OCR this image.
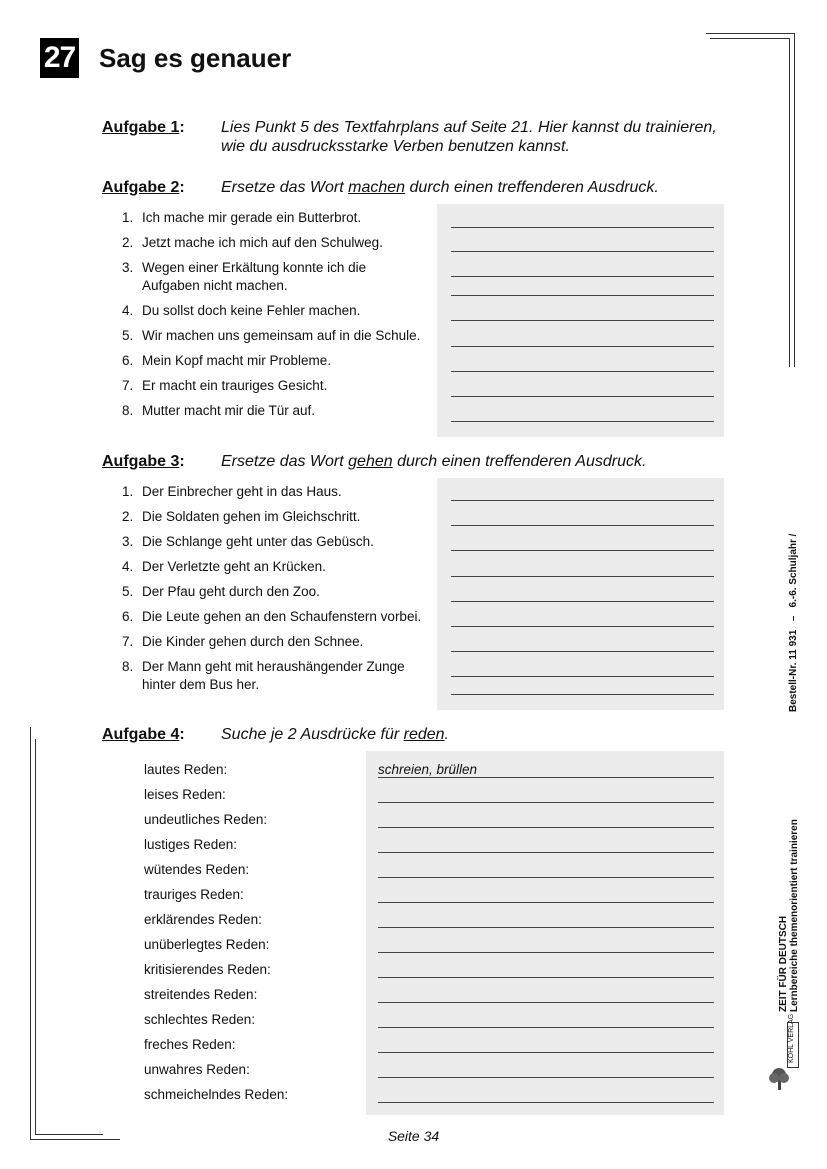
27 Sag es genauer
Aufgabe 1: Lies Punkt 5 des Textfahrplans auf Seite 21. Hier kannst du trainieren,
wie du ausdrucksstarke Verben benutzen kannst.
Aufgabe 2: Ersetze das Wort machen durch einen treffenderen Ausdruck.
1. Ich mache mir gerade ein Butterbrot.
2. Jetzt mache ich mich auf den Schulweg.
3. Wegen einer Erkältung konnte ich die
Aufgaben nicht machen.
4. Du sollst doch keine Fehler machen.
5. Wir machen uns gemeinsam auf in die Schule.
6. Mein Kopf macht mir Probleme.
7. Er macht ein trauriges Gesicht.
8. Mutter macht mir die Tür auf.
Aufgabe 3: Ersetze das Wort gehen durch einen treffenderen Ausdruck.
1. Der Einbrecher geht in das Haus.
2. Die Soldaten gehen im Gleichschritt.
3. Die Schlange geht unter das Gebüsch.
4. Der Verletzte geht an Krücken.
5. Der Pfau geht durch den Zoo.
6. Die Leute gehen an den Schaufenstern vorbei.
7. Die Kinder gehen durch den Schnee.
8. Der Mann geht mit heraushängender Zunge
hinter dem Bus her.
Aufgabe 4: Suche je 2 Ausdrücke für reden.
schreien, brüllen
lautes Reden:
leises Reden:
undeutliches Reden:
lustiges Reden:
wütendes Reden:
trauriges Reden:
erklärendes Reden:
unüberlegtes Reden:
kritisierendes Reden:
streitendes Reden:
schlechtes Reden:
freches Reden:
unwahres Reden:
schmeichelndes Reden:
Seite 34
Bestell-Nr. 11 931   –   6.-6. Schuljahr /
ZEIT FÜR DEUTSCH Lernbereiche themenorientiert trainieren
KOHL VERLAG
